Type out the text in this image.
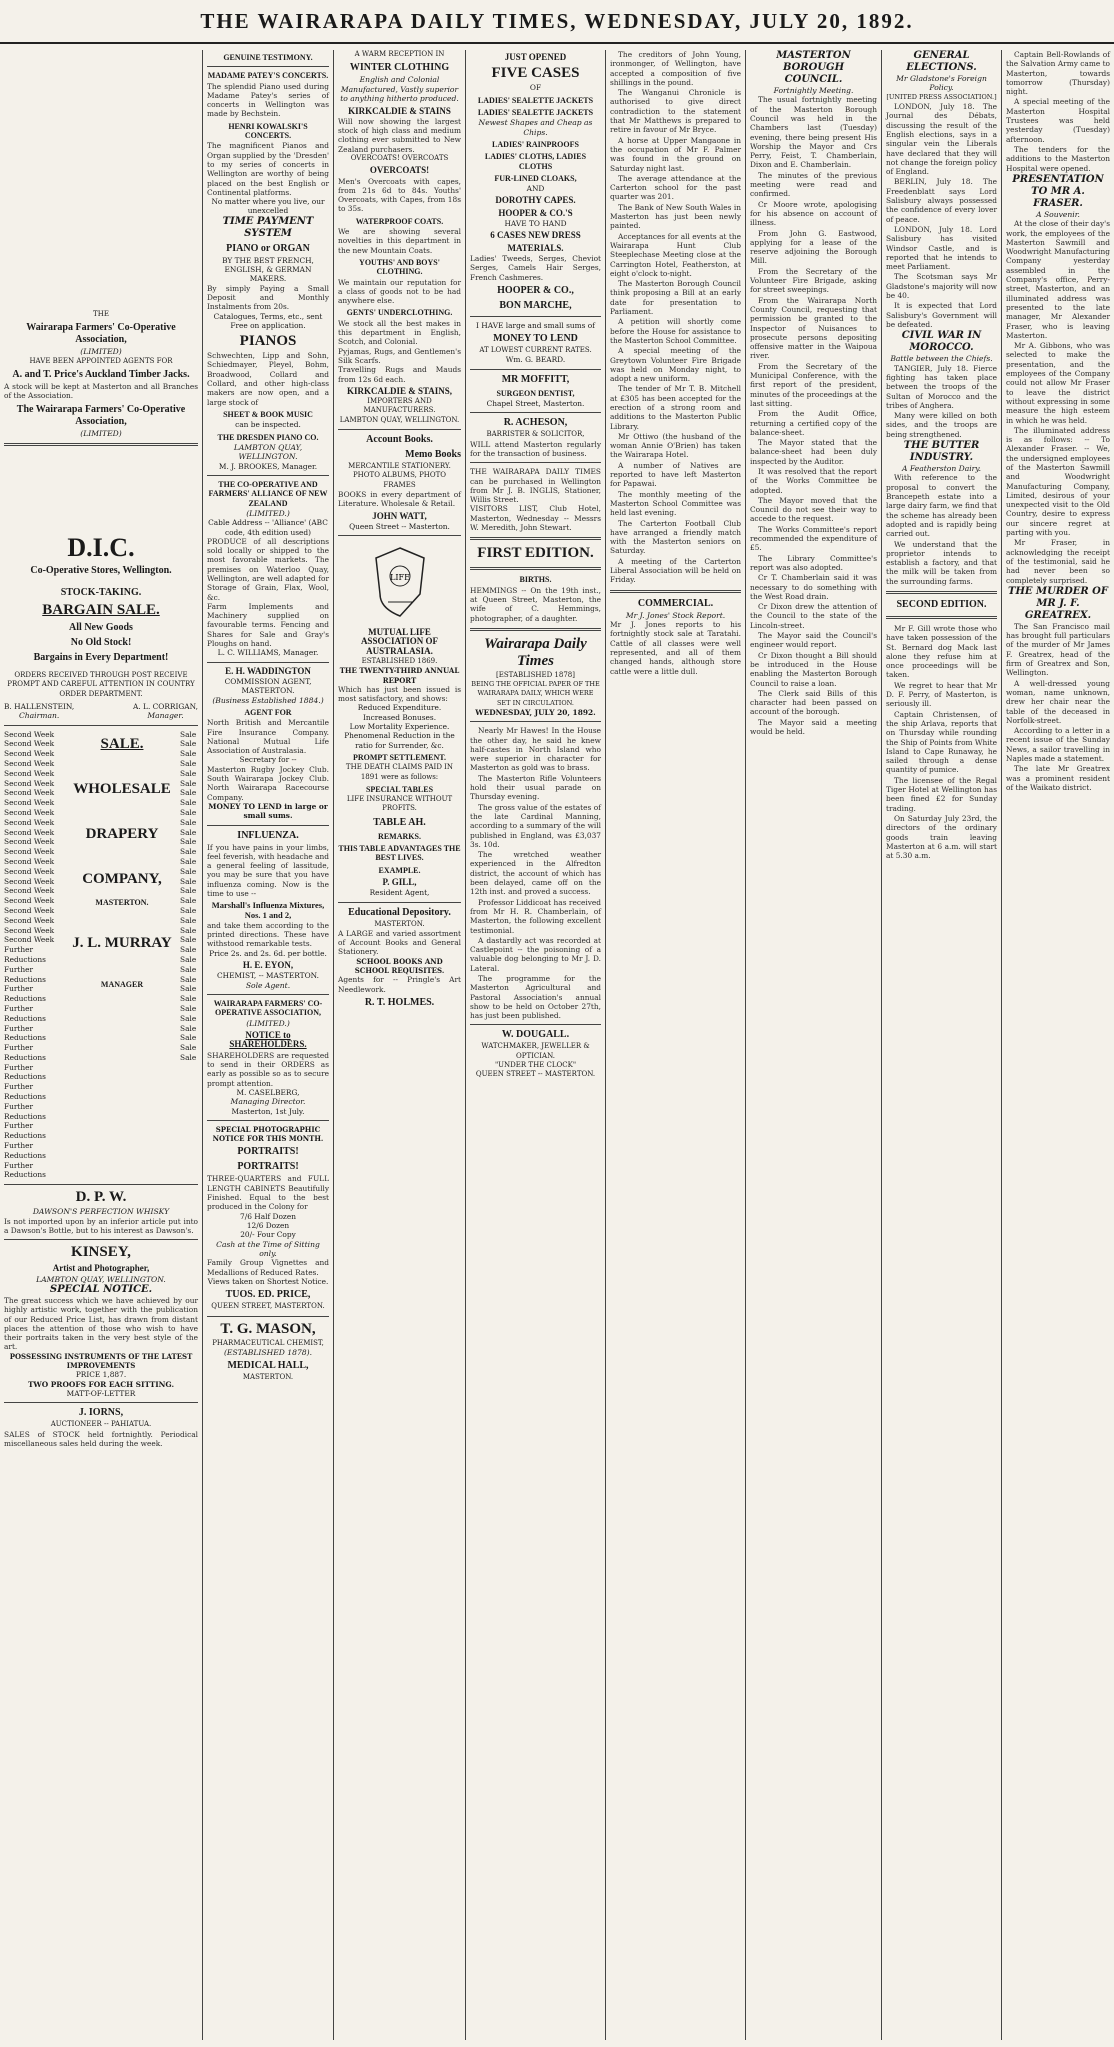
THE WAIRARAPA DAILY TIMES, WEDNESDAY, JULY 20, 1892.
THE
Wairarapa Farmers' Co-Operative Association,
(LIMITED)
HAVE BEEN APPOINTED AGENTS FOR
A. and T. Price's Auckland Timber Jacks.
A stock will be kept at Masterton and all Branches of the Association.
The Wairarapa Farmers' Co-Operative Association,
(LIMITED)
D.I.C.
Co-Operative Stores, Wellington.
STOCK-TAKING.
BARGAIN SALE.
All New Goods
No Old Stock!
Bargains in Every Department!
ORDERS RECEIVED THROUGH POST RECEIVE PROMPT AND CAREFUL ATTENTION IN COUNTRY ORDER DEPARTMENT.
B. HALLENSTEIN,
Chairman.
A. L. CORRIGAN,
Manager.
Second Week
Second Week
Second Week
Second Week
Second Week
Second Week
Second Week
Second Week
Second Week
Second Week
Second Week
Second Week
Second Week
Second Week
Second Week
Second Week
Second Week
Second Week
Second Week
Second Week
Second Week
Second Week
Further Reductions
Further Reductions
Further Reductions
Further Reductions
Further Reductions
Further Reductions
Further Reductions
Further Reductions
Further Reductions
Further Reductions
Further Reductions
Further Reductions
SALE.
WHOLESALE
DRAPERY
COMPANY,
MASTERTON.
J. L. MURRAY
MANAGER
Sale
Sale
Sale
Sale
Sale
Sale
Sale
Sale
Sale
Sale
Sale
Sale
Sale
Sale
Sale
Sale
Sale
Sale
Sale
Sale
Sale
Sale
Sale
Sale
Sale
Sale
Sale
Sale
Sale
Sale
Sale
Sale
Sale
Sale
D. P. W.
DAWSON'S PERFECTION WHISKY
Is not imported upon by an inferior article put into a Dawson's Bottle, but to his interest as Dawson's.
KINSEY,
Artist and Photographer,
LAMBTON QUAY, WELLINGTON.
SPECIAL NOTICE.
The great success which we have achieved by our highly artistic work, together with the publication of our Reduced Price List, has drawn from distant places the attention of those who wish to have their portraits taken in the very best style of the art.
POSSESSING INSTRUMENTS OF THE LATEST IMPROVEMENTS
PRICE 1,887.
TWO PROOFS FOR EACH SITTING.
MATT-OF-LETTER
J. IORNS,
AUCTIONEER -- PAHIATUA.
SALES of STOCK held fortnightly. Periodical miscellaneous sales held during the week.
GENUINE TESTIMONY.
MADAME PATEY'S CONCERTS.
The splendid Piano used during Madame Patey's series of concerts in Wellington was made by Bechstein.
HENRI KOWALSKI'S CONCERTS.
The magnificent Pianos and Organ supplied by the 'Dresden' to my series of concerts in Wellington are worthy of being placed on the best English or Continental platforms.
No matter where you live, our unexcelled
TIME PAYMENT SYSTEM
PIANO or ORGAN
BY THE BEST FRENCH, ENGLISH, & GERMAN MAKERS.
By simply Paying a Small Deposit and Monthly Instalments from 20s.
Catalogues, Terms, etc., sent Free on application.
PIANOS
Schwechten, Lipp and Sohn, Schiedmayer, Pleyel, Bohm, Broadwood, Collard and Collard, and other high-class makers are now open, and a large stock of
SHEET & BOOK MUSIC
can be inspected.
THE DRESDEN PIANO CO.
LAMBTON QUAY, WELLINGTON.
M. J. BROOKES, Manager.
THE CO-OPERATIVE AND FARMERS' ALLIANCE OF NEW ZEALAND
(LIMITED.)
Cable Address -- 'Alliance' (ABC code, 4th edition used)
PRODUCE of all descriptions sold locally or shipped to the most favorable markets. The premises on Waterloo Quay, Wellington, are well adapted for Storage of Grain, Flax, Wool, &c.
Farm Implements and Machinery supplied on favourable terms. Fencing and Shares for Sale and Gray's Ploughs on hand.
L. C. WILLIAMS, Manager.
E. H. WADDINGTON
COMMISSION AGENT,
MASTERTON.
(Business Established 1884.)
AGENT FOR
North British and Mercantile Fire Insurance Company. National Mutual Life Association of Australasia.
Secretary for --
Masterton Rugby Jockey Club. South Wairarapa Jockey Club. North Wairarapa Racecourse Company.
MONEY TO LEND in large or small sums.
INFLUENZA.
If you have pains in your limbs, feel feverish, with headache and a general feeling of lassitude, you may be sure that you have influenza coming. Now is the time to use --
Marshall's Influenza Mixtures, Nos. 1 and 2,
and take them according to the printed directions. These have withstood remarkable tests.
Price 2s. and 2s. 6d. per bottle.
H. E. EYON,
CHEMIST, -- MASTERTON.
Sole Agent.
WAIRARAPA FARMERS' CO-OPERATIVE ASSOCIATION,
(LIMITED.)
NOTICE to SHAREHOLDERS.
SHAREHOLDERS are requested to send in their ORDERS as early as possible so as to secure prompt attention.
M. CASELBERG,
Managing Director.
Masterton, 1st July.
SPECIAL PHOTOGRAPHIC NOTICE FOR THIS MONTH.
PORTRAITS!
PORTRAITS!
THREE-QUARTERS and FULL LENGTH CABINETS Beautifully Finished. Equal to the best produced in the Colony for
7/6 Half Dozen
12/6 Dozen
20/- Four Copy
Cash at the Time of Sitting only.
Family Group Vignettes and Medallions of Reduced Rates.
Views taken on Shortest Notice.
TUOS. ED. PRICE,
QUEEN STREET, MASTERTON.
T. G. MASON,
PHARMACEUTICAL CHEMIST,
(ESTABLISHED 1878).
MEDICAL HALL,
MASTERTON.
A WARM RECEPTION IN
WINTER CLOTHING
English and Colonial Manufactured, Vastly superior to anything hitherto produced.
KIRKCALDIE & STAINS
Will now showing the largest stock of high class and medium clothing ever submitted to New Zealand purchasers.
OVERCOATS! OVERCOATS
OVERCOATS!
Men's Overcoats with capes, from 21s 6d to 84s. Youths' Overcoats, with Capes, from 18s to 35s.
WATERPROOF COATS.
We are showing several novelties in this department in the new Mountain Coats.
YOUTHS' AND BOYS' CLOTHING.
We maintain our reputation for a class of goods not to be had anywhere else.
GENTS' UNDERCLOTHING.
We stock all the best makes in this department in English, Scotch, and Colonial.
Pyjamas, Rugs, and Gentlemen's Silk Scarfs.
Travelling Rugs and Mauds from 12s 6d each.
KIRKCALDIE & STAINS,
IMPORTERS AND MANUFACTURERS.
LAMBTON QUAY, WELLINGTON.
Account Books.
Memo Books
MERCANTILE STATIONERY.
PHOTO ALBUMS, PHOTO FRAMES
BOOKS in every department of Literature. Wholesale & Retail.
JOHN WATT,
Queen Street -- Masterton.
LIFE
MUTUAL LIFE ASSOCIATION OF AUSTRALASIA.
ESTABLISHED 1869.
THE TWENTY-THIRD ANNUAL REPORT
Which has just been issued is most satisfactory, and shows:
Reduced Expenditure.
Increased Bonuses.
Low Mortality Experience.
Phenomenal Reduction in the ratio for Surrender, &c.
PROMPT SETTLEMENT.
THE DEATH CLAIMS PAID IN 1891 were as follows:
SPECIAL TABLES
LIFE INSURANCE WITHOUT PROFITS.
TABLE AH.
REMARKS.
THIS TABLE ADVANTAGES THE BEST LIVES.
EXAMPLE.
P. GILL,
Resident Agent,
Educational Depository.
MASTERTON.
A LARGE and varied assortment of Account Books and General Stationery.
SCHOOL BOOKS AND SCHOOL REQUISITES.
Agents for -- Pringle's Art Needlework.
R. T. HOLMES.
JUST OPENED
FIVE CASES
OF
LADIES' SEALETTE JACKETS
LADIES' SEALETTE JACKETS
Newest Shapes and Cheap as Chips.
LADIES' RAINPROOFS
LADIES' CLOTHS, LADIES CLOTHS
FUR-LINED CLOAKS,
AND
DOROTHY CAPES.
HOOPER & CO.'S
HAVE TO HAND
6 CASES NEW DRESS
MATERIALS.
Ladies' Tweeds, Serges, Cheviot Serges, Camels Hair Serges, French Cashmeres.
HOOPER & CO.,
BON MARCHE,
I HAVE large and small sums of
MONEY TO LEND
AT LOWEST CURRENT RATES.
Wm. G. BEARD.
MR MOFFITT,
SURGEON DENTIST,
Chapel Street, Masterton.
R. ACHESON,
BARRISTER & SOLICITOR,
WILL attend Masterton regularly for the transaction of business.
THE WAIRARAPA DAILY TIMES can be purchased in Wellington from Mr J. B. INGLIS, Stationer, Willis Street.
VISITORS LIST, Club Hotel, Masterton, Wednesday -- Messrs W. Meredith, John Stewart.
FIRST EDITION.
BIRTHS.
HEMMINGS -- On the 19th inst., at Queen Street, Masterton, the wife of C. Hemmings, photographer, of a daughter.
Wairarapa Daily Times
[ESTABLISHED 1878]
BEING THE OFFICIAL PAPER OF THE WAIRARAPA DAILY, WHICH WERE SET IN CIRCULATION.
WEDNESDAY, JULY 20, 1892.

Nearly Mr Hawes! In the House the other day, he said he knew half-castes in North Island who were superior in character for Masterton as gold was to brass.

The Masterton Rifle Volunteers hold their usual parade on Thursday evening.

The gross value of the estates of the late Cardinal Manning, according to a summary of the will published in England, was £3,037 3s. 10d.

The wretched weather experienced in the Alfredton district, the account of which has been delayed, came off on the 12th inst. and proved a success.

Professor Liddicoat has received from Mr H. R. Chamberlain, of Masterton, the following excellent testimonial.

A dastardly act was recorded at Castlepoint -- the poisoning of a valuable dog belonging to Mr J. D. Lateral.

The programme for the Masterton Agricultural and Pastoral Association's annual show to be held on October 27th, has just been published.

W. DOUGALL.
WATCHMAKER, JEWELLER & OPTICIAN.
"UNDER THE CLOCK"
QUEEN STREET -- MASTERTON.

The creditors of John Young, ironmonger, of Wellington, have accepted a composition of five shillings in the pound.

The Wanganui Chronicle is authorised to give direct contradiction to the statement that Mr Matthews is prepared to retire in favour of Mr Bryce.

A horse at Upper Mangaone in the occupation of Mr F. Palmer was found in the ground on Saturday night last.

The average attendance at the Carterton school for the past quarter was 201.

The Bank of New South Wales in Masterton has just been newly painted.

Acceptances for all events at the Wairarapa Hunt Club Steeplechase Meeting close at the Carrington Hotel, Featherston, at eight o'clock to-night.

The Masterton Borough Council think proposing a Bill at an early date for presentation to Parliament.

A petition will shortly come before the House for assistance to the Masterton School Committee.

A special meeting of the Greytown Volunteer Fire Brigade was held on Monday night, to adopt a new uniform.

The tender of Mr T. B. Mitchell at £305 has been accepted for the erection of a strong room and additions to the Masterton Public Library.

Mr Ottiwo (the husband of the woman Annie O'Brien) has taken the Wairarapa Hotel.

A number of Natives are reported to have left Masterton for Papawai.

The monthly meeting of the Masterton School Committee was held last evening.

The Carterton Football Club have arranged a friendly match with the Masterton seniors on Saturday.

A meeting of the Carterton Liberal Association will be held on Friday.

COMMERCIAL.
Mr J. Jones' Stock Report.
Mr J. Jones reports to his fortnightly stock sale at Taratahi. Cattle of all classes were well represented, and all of them changed hands, although store cattle were a little dull.
MASTERTON BOROUGH
COUNCIL.
Fortnightly Meeting.

The usual fortnightly meeting of the Masterton Borough Council was held in the Chambers last (Tuesday) evening, there being present His Worship the Mayor and Crs Perry, Feist, T. Chamberlain, Dixon and E. Chamberlain.

The minutes of the previous meeting were read and confirmed.

Cr Moore wrote, apologising for his absence on account of illness.

From John G. Eastwood, applying for a lease of the reserve adjoining the Borough Mill.

From the Secretary of the Volunteer Fire Brigade, asking for street sweepings.

From the Wairarapa North County Council, requesting that permission be granted to the Inspector of Nuisances to prosecute persons depositing offensive matter in the Waipoua river.

From the Secretary of the Municipal Conference, with the first report of the president, minutes of the proceedings at the last sitting.

From the Audit Office, returning a certified copy of the balance-sheet.

The Mayor stated that the balance-sheet had been duly inspected by the Auditor.

It was resolved that the report of the Works Committee be adopted.

The Mayor moved that the Council do not see their way to accede to the request.

The Works Committee's report recommended the expenditure of £5.

The Library Committee's report was also adopted.

Cr T. Chamberlain said it was necessary to do something with the West Road drain.

Cr Dixon drew the attention of the Council to the state of the Lincoln-street.

The Mayor said the Council's engineer would report.

Cr Dixon thought a Bill should be introduced in the House enabling the Masterton Borough Council to raise a loan.

The Clerk said Bills of this character had been passed on account of the borough.

The Mayor said a meeting would be held.

GENERAL ELECTIONS.
Mr Gladstone's Foreign Policy.
[UNITED PRESS ASSOCIATION.]

LONDON, July 18. The Journal des Débats, discussing the result of the English elections, says in a singular vein the Liberals have declared that they will not change the foreign policy of England.

BERLIN, July 18. The Freedenblatt says Lord Salisbury always possessed the confidence of every lover of peace.

LONDON, July 18. Lord Salisbury has visited Windsor Castle, and is reported that he intends to meet Parliament.

The Scotsman says Mr Gladstone's majority will now be 40.

It is expected that Lord Salisbury's Government will be defeated.

CIVIL WAR IN MOROCCO.
Battle between the Chiefs.

TANGIER, July 18. Fierce fighting has taken place between the troops of the Sultan of Morocco and the tribes of Anghera.

Many were killed on both sides, and the troops are being strengthened.

THE BUTTER INDUSTRY.
A Featherston Dairy.

With reference to the proposal to convert the Brancepeth estate into a large dairy farm, we find that the scheme has already been adopted and is rapidly being carried out.

We understand that the proprietor intends to establish a factory, and that the milk will be taken from the surrounding farms.

SECOND EDITION.

Mr F. Gill wrote those who have taken possession of the St. Bernard dog Mack last alone they refuse him at once proceedings will be taken.

We regret to hear that Mr D. F. Perry, of Masterton, is seriously ill.

Captain Christensen, of the ship Arlava, reports that on Thursday while rounding the Ship of Points from White Island to Cape Runaway, he sailed through a dense quantity of pumice.

The licensee of the Regal Tiger Hotel at Wellington has been fined £2 for Sunday trading.

On Saturday July 23rd, the directors of the ordinary goods train leaving Masterton at 6 a.m. will start at 5.30 a.m.

Captain Bell-Rowlands of the Salvation Army came to Masterton, towards tomorrow (Thursday) night.

A special meeting of the Masterton Hospital Trustees was held yesterday (Tuesday) afternoon.

The tenders for the additions to the Masterton Hospital were opened.

PRESENTATION TO MR A. FRASER.
A Souvenir.

At the close of their day's work, the employees of the Masterton Sawmill and Woodwright Manufacturing Company yesterday assembled in the Company's office, Perry-street, Masterton, and an illuminated address was presented to the late manager, Mr Alexander Fraser, who is leaving Masterton.

Mr A. Gibbons, who was selected to make the presentation, and the employees of the Company could not allow Mr Fraser to leave the district without expressing in some measure the high esteem in which he was held.

The illuminated address is as follows: -- To Alexander Fraser. -- We, the undersigned employees of the Masterton Sawmill and Woodwright Manufacturing Company, Limited, desirous of your unexpected visit to the Old Country, desire to express our sincere regret at parting with you.

Mr Fraser, in acknowledging the receipt of the testimonial, said he had never been so completely surprised.

THE MURDER OF MR J. F. GREATREX.

The San Francisco mail has brought full particulars of the murder of Mr James F. Greatrex, head of the firm of Greatrex and Son, Wellington.

A well-dressed young woman, name unknown, drew her chair near the table of the deceased in Norfolk-street.

According to a letter in a recent issue of the Sunday News, a sailor travelling in Naples made a statement.

The late Mr Greatrex was a prominent resident of the Waikato district.
